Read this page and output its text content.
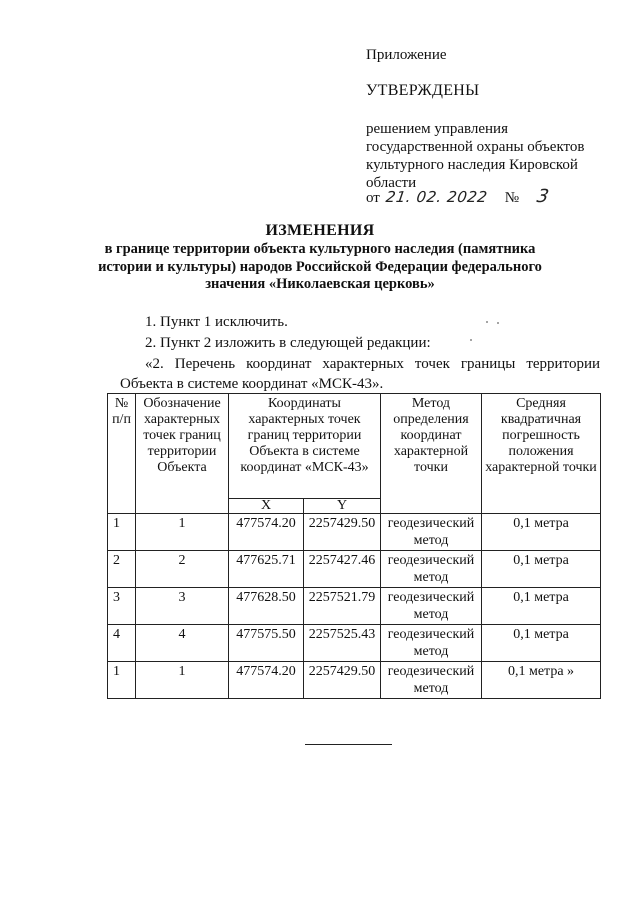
Приложение
УТВЕРЖДЕНЫ
решением управления
государственной охраны объектов
культурного наследия Кировской
области
от 21. 02. 2022 № 3
ИЗМЕНЕНИЯ
в границе территории объекта культурного наследия (памятника
истории и культуры) народов Российской Федерации федерального
значения «Николаевская церковь»
1. Пункт 1 исключить.
2. Пункт 2 изложить в следующей редакции:
«2. Перечень координат характерных точек границы территории
Объекта в системе координат «МСК-43».
№ п/п	Обозначение характерных точек границ территории Объекта	Координаты характерных точек границ территории Объекта в системе координат «МСК-43»		Метод определения координат характерной точки	Средняя квадратичная погрешность положения характерной точки
		X	Y		
1	1	477574.20	2257429.50	геодезический метод	0,1 метра
2	2	477625.71	2257427.46	геодезический метод	0,1 метра
3	3	477628.50	2257521.79	геодезический метод	0,1 метра
4	4	477575.50	2257525.43	геодезический метод	0,1 метра
1	1	477574.20	2257429.50	геодезический метод	0,1 метра »
